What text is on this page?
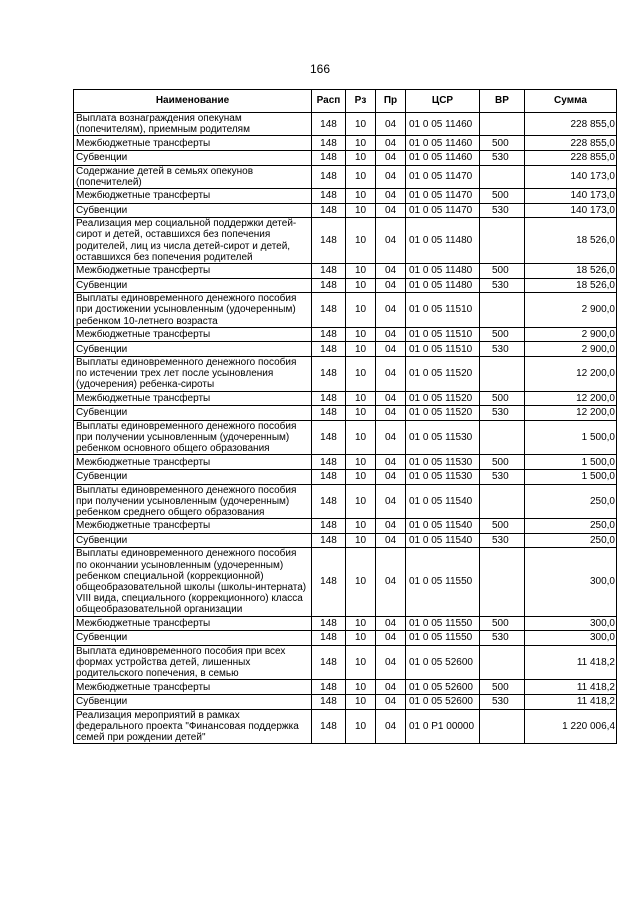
166
Наименование	Расп	Рз	Пр	ЦСР	ВР	Сумма
Выплата вознаграждения опекунам (попечителям), приемным родителям	148	10	04	01 0 05 11460		228 855,0
Межбюджетные трансферты	148	10	04	01 0 05 11460	500	228 855,0
Субвенции	148	10	04	01 0 05 11460	530	228 855,0
Содержание детей в семьях опекунов (попечителей)	148	10	04	01 0 05 11470		140 173,0
Межбюджетные трансферты	148	10	04	01 0 05 11470	500	140 173,0
Субвенции	148	10	04	01 0 05 11470	530	140 173,0
Реализация мер социальной поддержки детей-сирот и детей, оставшихся без попечения родителей, лиц из числа детей-сирот и детей, оставшихся без попечения родителей	148	10	04	01 0 05 11480		18 526,0
Межбюджетные трансферты	148	10	04	01 0 05 11480	500	18 526,0
Субвенции	148	10	04	01 0 05 11480	530	18 526,0
Выплаты единовременного денежного пособия при достижении усыновленным (удочеренным) ребенком 10-летнего возраста	148	10	04	01 0 05 11510		2 900,0
Межбюджетные трансферты	148	10	04	01 0 05 11510	500	2 900,0
Субвенции	148	10	04	01 0 05 11510	530	2 900,0
Выплаты единовременного денежного пособия по истечении трех лет после усыновления (удочерения) ребенка-сироты	148	10	04	01 0 05 11520		12 200,0
Межбюджетные трансферты	148	10	04	01 0 05 11520	500	12 200,0
Субвенции	148	10	04	01 0 05 11520	530	12 200,0
Выплаты единовременного денежного пособия при получении усыновленным (удочеренным) ребенком основного общего образования	148	10	04	01 0 05 11530		1 500,0
Межбюджетные трансферты	148	10	04	01 0 05 11530	500	1 500,0
Субвенции	148	10	04	01 0 05 11530	530	1 500,0
Выплаты единовременного денежного пособия при получении усыновленным (удочеренным) ребенком среднего общего образования	148	10	04	01 0 05 11540		250,0
Межбюджетные трансферты	148	10	04	01 0 05 11540	500	250,0
Субвенции	148	10	04	01 0 05 11540	530	250,0
Выплаты единовременного денежного пособия по окончании усыновленным (удочеренным) ребенком специальной (коррекционной) общеобразовательной школы (школы-интерната) VIII вида, специального (коррекционного) класса общеобразовательной организации	148	10	04	01 0 05 11550		300,0
Межбюджетные трансферты	148	10	04	01 0 05 11550	500	300,0
Субвенции	148	10	04	01 0 05 11550	530	300,0
Выплата единовременного пособия при всех формах устройства детей, лишенных родительского попечения, в семью	148	10	04	01 0 05 52600		11 418,2
Межбюджетные трансферты	148	10	04	01 0 05 52600	500	11 418,2
Субвенции	148	10	04	01 0 05 52600	530	11 418,2
Реализация мероприятий в рамках федерального проекта "Финансовая поддержка семей при рождении детей"	148	10	04	01 0 P1 00000		1 220 006,4
